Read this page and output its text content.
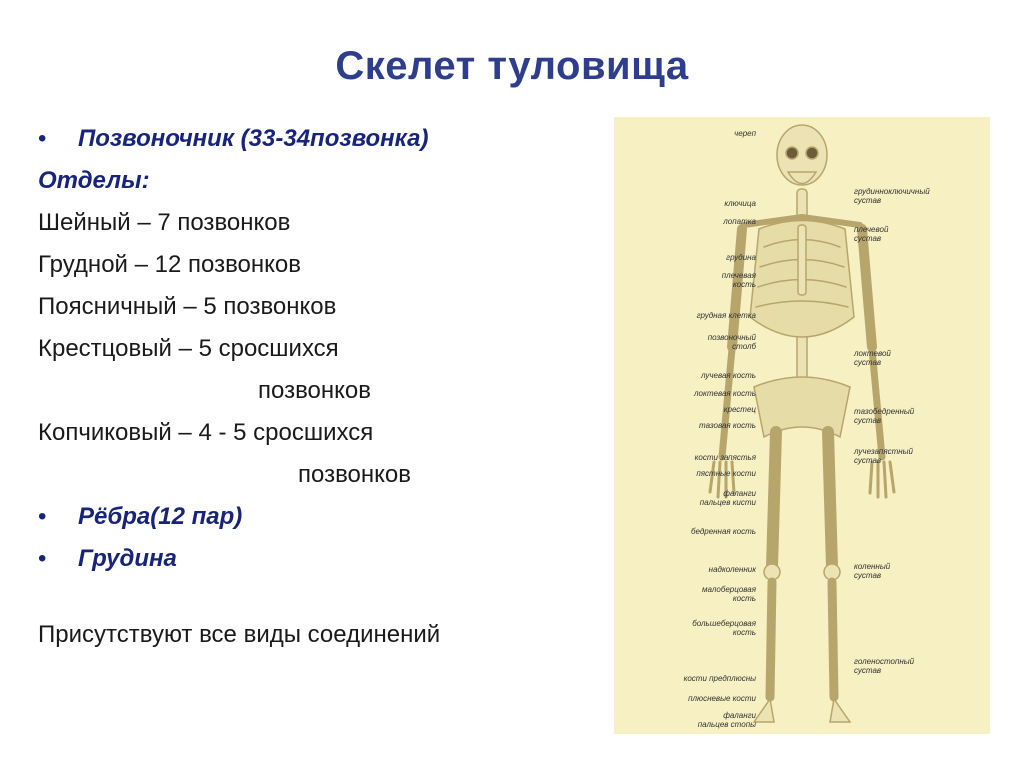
Скелет туловища
• Позвоночник (33-34позвонка)
Отделы:
Шейный – 7 позвонков
Грудной – 12 позвонков
Поясничный – 5 позвонков
Крестцовый – 5 сросшихся
позвонков
Копчиковый – 4 - 5 сросшихся
позвонков
• Рёбра(12 пар)
• Грудина
Присутствуют все виды соединений
череп
ключица
лопатка
грудина
плечевая
кость
грудная клетка
позвоночный
столб
лучевая кость
локтевая кость
крестец
тазовая кость
кости запястья
пястные кости
фаланги
пальцев кисти
бедренная кость
надколенник
малоберцовая
кость
большеберцовая
кость
кости предплюсны
плюсневые кости
фаланги
пальцев стопы
грудинноключичный
сустав
плечевой
сустав
локтевой
сустав
тазобедренный
сустав
лучезапястный
сустав
коленный
сустав
голеностопный
сустав
